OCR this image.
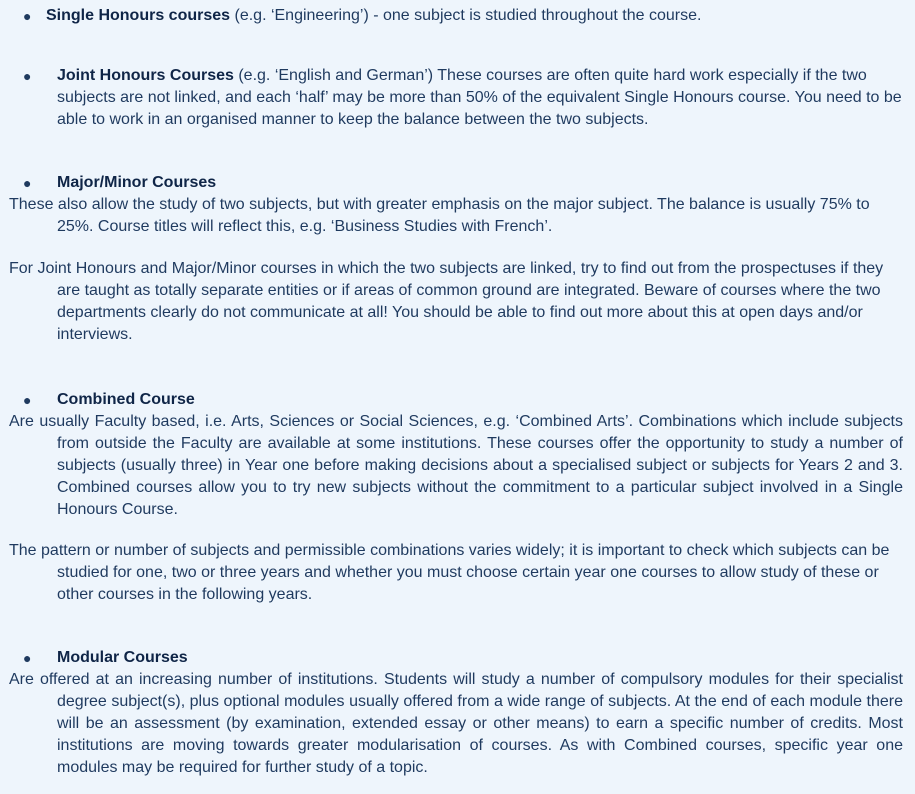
● Single Honours courses (e.g. ‘Engineering’) - one subject is studied throughout the course.
● Joint Honours Courses (e.g. ‘English and German’) These courses are often quite hard work especially if the two subjects are not linked, and each ‘half’ may be more than 50% of the equivalent Single Honours course. You need to be able to work in an organised manner to keep the balance between the two subjects.
● Major/Minor Courses
These also allow the study of two subjects, but with greater emphasis on the major subject. The balance is usually 75% to 25%. Course titles will reflect this, e.g. ‘Business Studies with French’.
For Joint Honours and Major/Minor courses in which the two subjects are linked, try to find out from the prospectuses if they are taught as totally separate entities or if areas of common ground are integrated. Beware of courses where the two departments clearly do not communicate at all! You should be able to find out more about this at open days and/or interviews.
● Combined Course
Are usually Faculty based, i.e. Arts, Sciences or Social Sciences, e.g. ‘Combined Arts’. Combinations which include subjects from outside the Faculty are available at some institutions. These courses offer the opportunity to study a number of subjects (usually three) in Year one before making decisions about a specialised subject or subjects for Years 2 and 3. Combined courses allow you to try new subjects without the commitment to a particular subject involved in a Single Honours Course.
The pattern or number of subjects and permissible combinations varies widely; it is important to check which subjects can be studied for one, two or three years and whether you must choose certain year one courses to allow study of these or other courses in the following years.
● Modular Courses
Are offered at an increasing number of institutions. Students will study a number of compulsory modules for their specialist degree subject(s), plus optional modules usually offered from a wide range of subjects. At the end of each module there will be an assessment (by examination, extended essay or other means) to earn a specific number of credits. Most institutions are moving towards greater modularisation of courses. As with Combined courses, specific year one modules may be required for further study of a topic.
